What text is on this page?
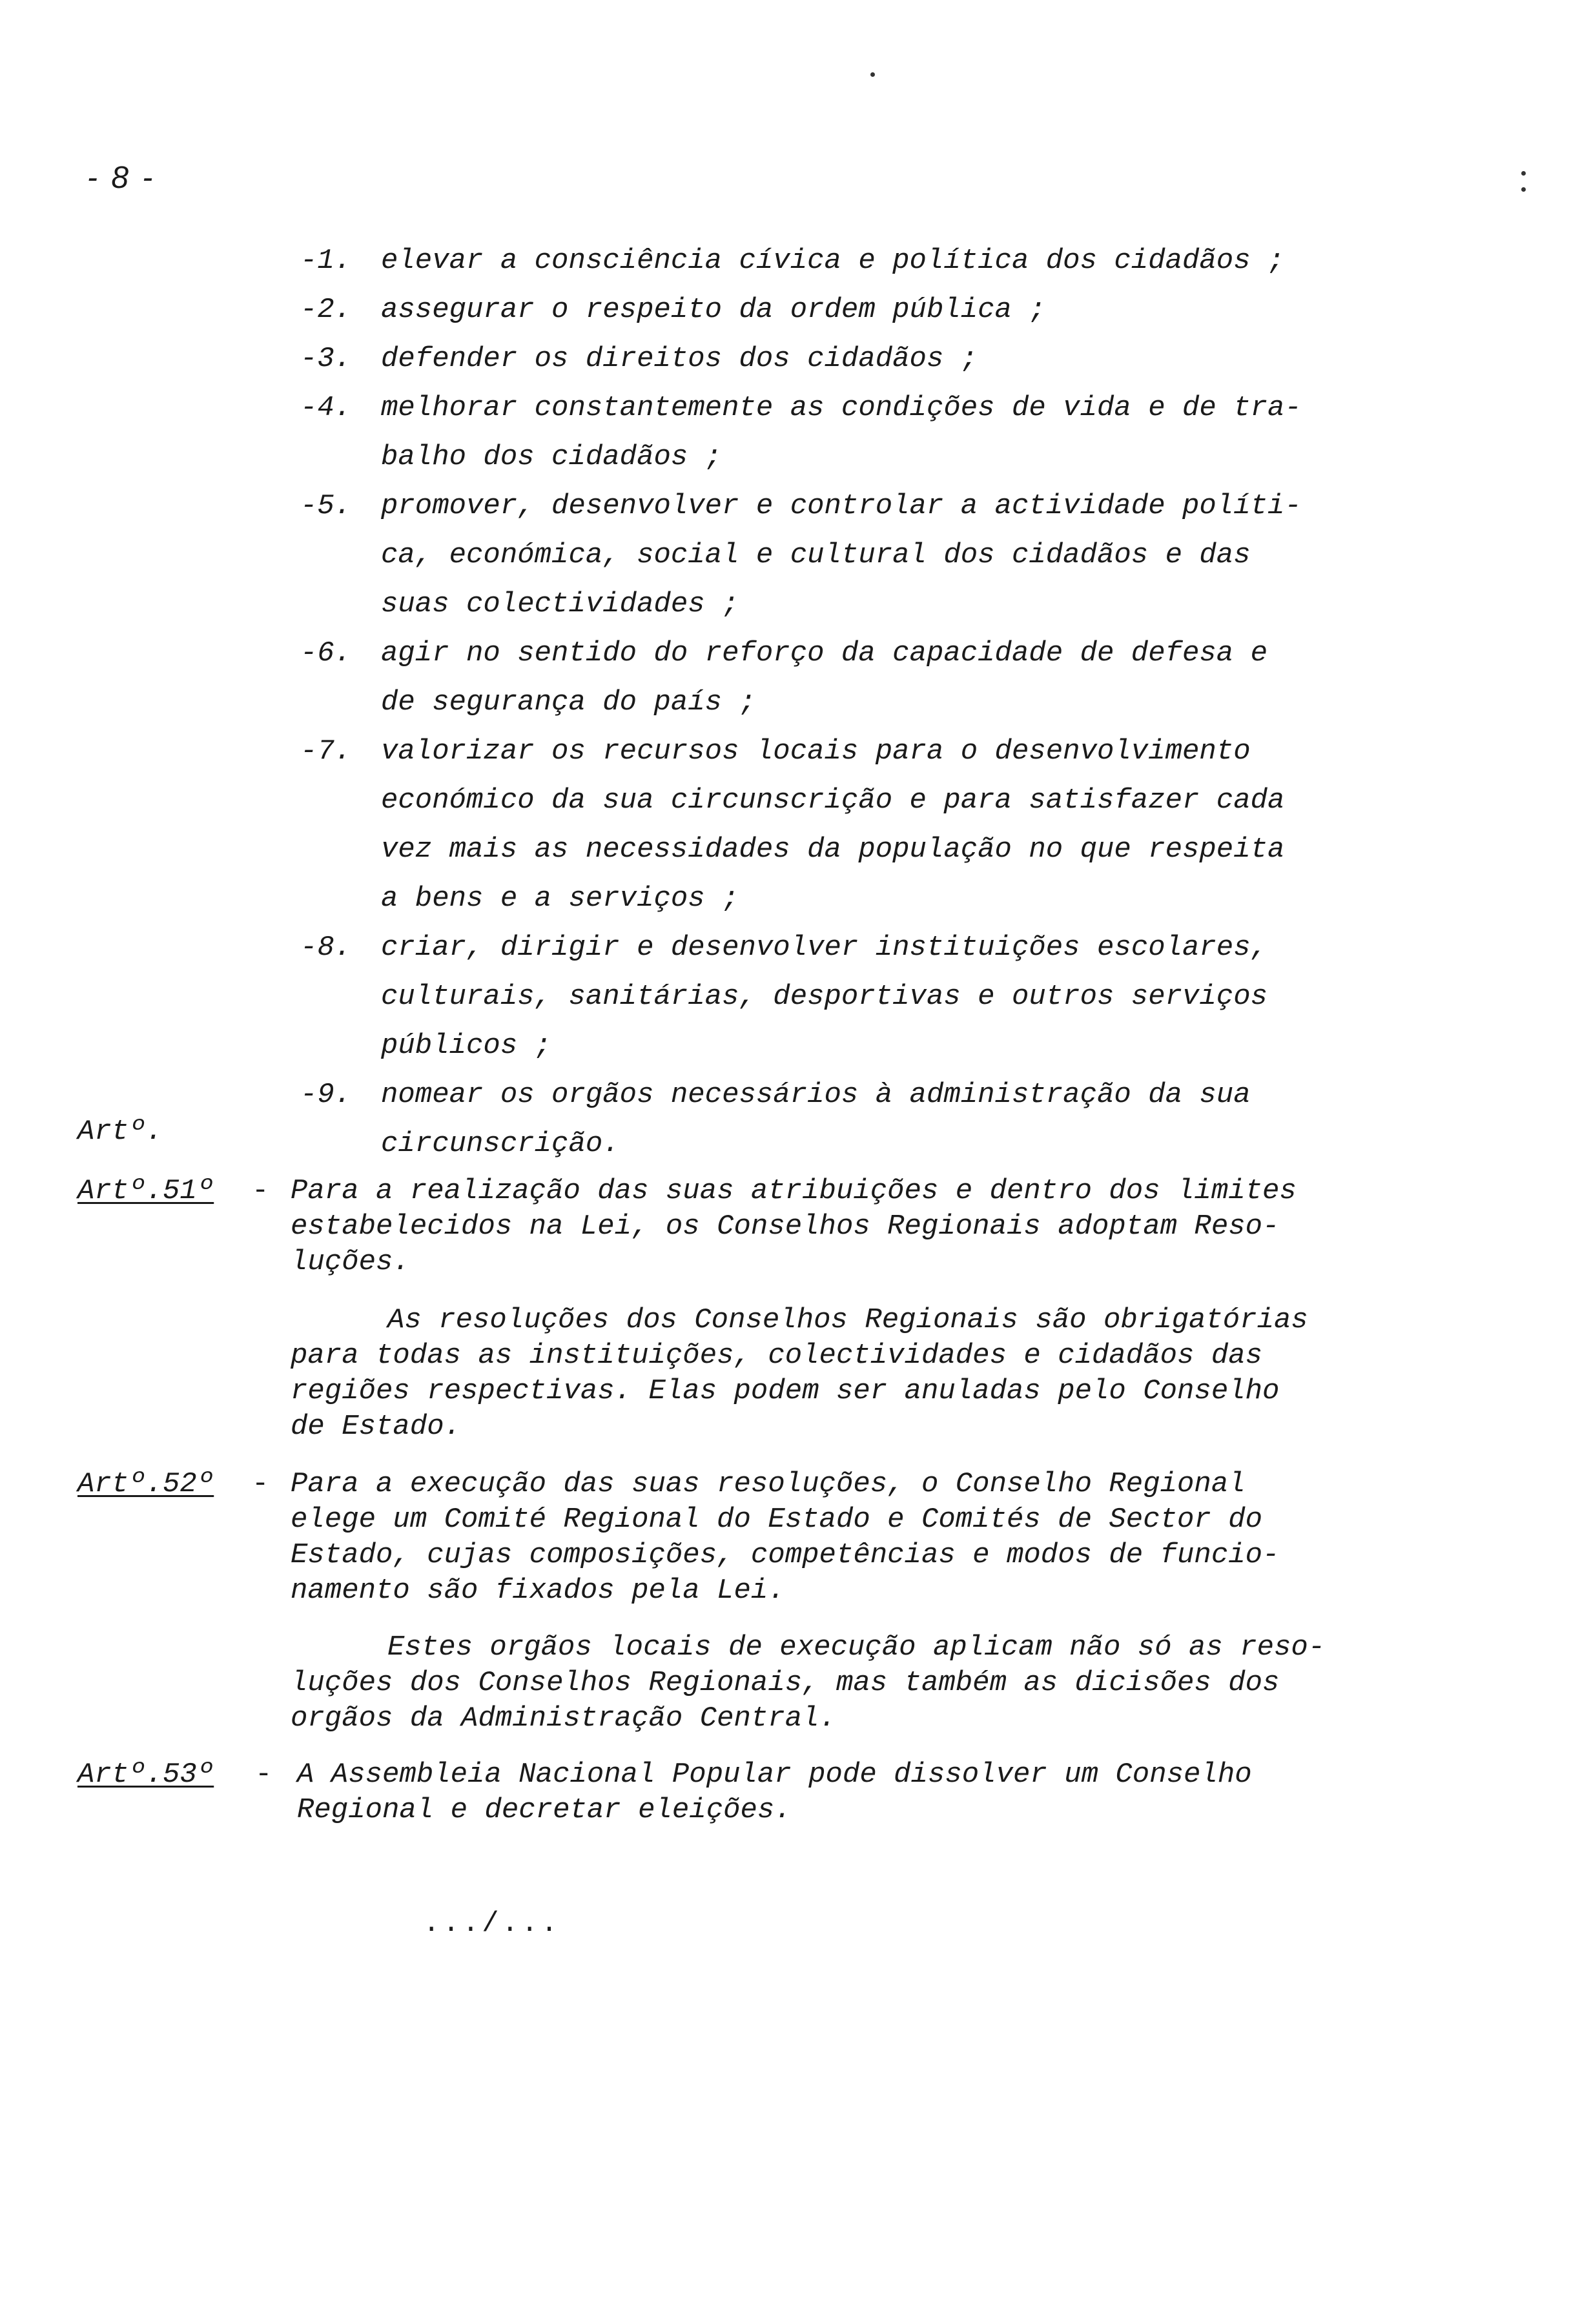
- 8 -
-1. elevar a consciência cívica e política dos cidadãos ;
-2. assegurar o respeito da ordem pública ;
-3. defender os direitos dos cidadãos ;
-4. melhorar constantemente as condições de vida e de tra-
balho dos cidadãos ;
-5. promover, desenvolver e controlar a actividade políti-
ca, económica, social e cultural dos cidadãos e das
suas colectividades ;
-6. agir no sentido do reforço da capacidade de defesa e
de segurança do país ;
-7. valorizar os recursos locais para o desenvolvimento
económico da sua circunscrição e para satisfazer cada
vez mais as necessidades da população no que respeita
a bens e a serviços ;
-8. criar, dirigir e desenvolver instituições escolares,
culturais, sanitárias, desportivas e outros serviços
públicos ;
-9. nomear os orgãos necessários à administração da sua
circunscrição.
Artº.
Artº.51º - Para a realização das suas atribuições e dentro dos limites
estabelecidos na Lei, os Conselhos Regionais adoptam Reso-
luções.
As resoluções dos Conselhos Regionais são obrigatórias
para todas as instituições, colectividades e cidadãos das
regiões respectivas. Elas podem ser anuladas pelo Conselho
de Estado.
Artº.52º - Para a execução das suas resoluções, o Conselho Regional
elege um Comité Regional do Estado e Comités de Sector do
Estado, cujas composições, competências e modos de funcio-
namento são fixados pela Lei.
Estes orgãos locais de execução aplicam não só as reso-
luções dos Conselhos Regionais, mas também as dicisões dos
orgãos da Administração Central.
Artº.53º - A Assembleia Nacional Popular pode dissolver um Conselho
Regional e decretar eleições.
.../...
